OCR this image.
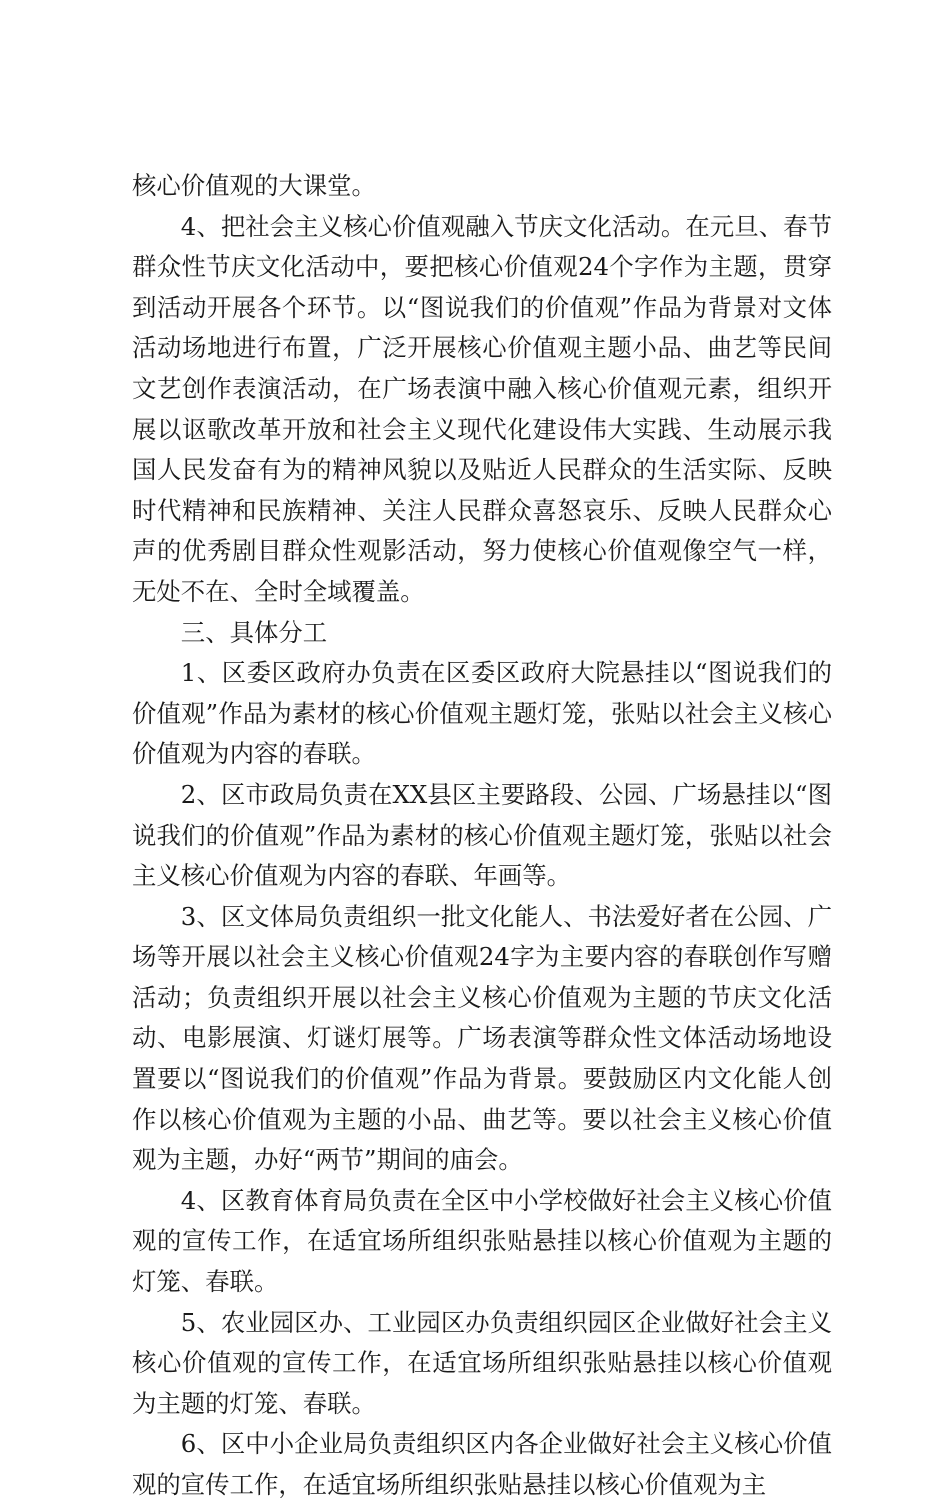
核心价值观的大课堂。

4、把社会主义核心价值观融入节庆文化活动。在元旦、春节群众性节庆文化活动中，要把核心价值观24个字作为主题，贯穿到活动开展各个环节。以“图说我们的价值观”作品为背景对文体活动场地进行布置，广泛开展核心价值观主题小品、曲艺等民间文艺创作表演活动，在广场表演中融入核心价值观元素，组织开展以讴歌改革开放和社会主义现代化建设伟大实践、生动展示我国人民发奋有为的精神风貌以及贴近人民群众的生活实际、反映时代精神和民族精神、关注人民群众喜怒哀乐、反映人民群众心声的优秀剧目群众性观影活动，努力使核心价值观像空气一样，无处不在、全时全域覆盖。

三、具体分工

1、区委区政府办负责在区委区政府大院悬挂以“图说我们的价值观”作品为素材的核心价值观主题灯笼，张贴以社会主义核心价值观为内容的春联。

2、区市政局负责在XX县区主要路段、公园、广场悬挂以“图说我们的价值观”作品为素材的核心价值观主题灯笼，张贴以社会主义核心价值观为内容的春联、年画等。

3、区文体局负责组织一批文化能人、书法爱好者在公园、广场等开展以社会主义核心价值观24字为主要内容的春联创作写赠活动；负责组织开展以社会主义核心价值观为主题的节庆文化活动、电影展演、灯谜灯展等。广场表演等群众性文体活动场地设置要以“图说我们的价值观”作品为背景。要鼓励区内文化能人创作以核心价值观为主题的小品、曲艺等。要以社会主义核心价值观为主题，办好“两节”期间的庙会。

4、区教育体育局负责在全区中小学校做好社会主义核心价值观的宣传工作，在适宜场所组织张贴悬挂以核心价值观为主题的灯笼、春联。

5、农业园区办、工业园区办负责组织园区企业做好社会主义核心价值观的宣传工作，在适宜场所组织张贴悬挂以核心价值观为主题的灯笼、春联。

6、区中小企业局负责组织区内各企业做好社会主义核心价值观的宣传工作，在适宜场所组织张贴悬挂以核心价值观为主
